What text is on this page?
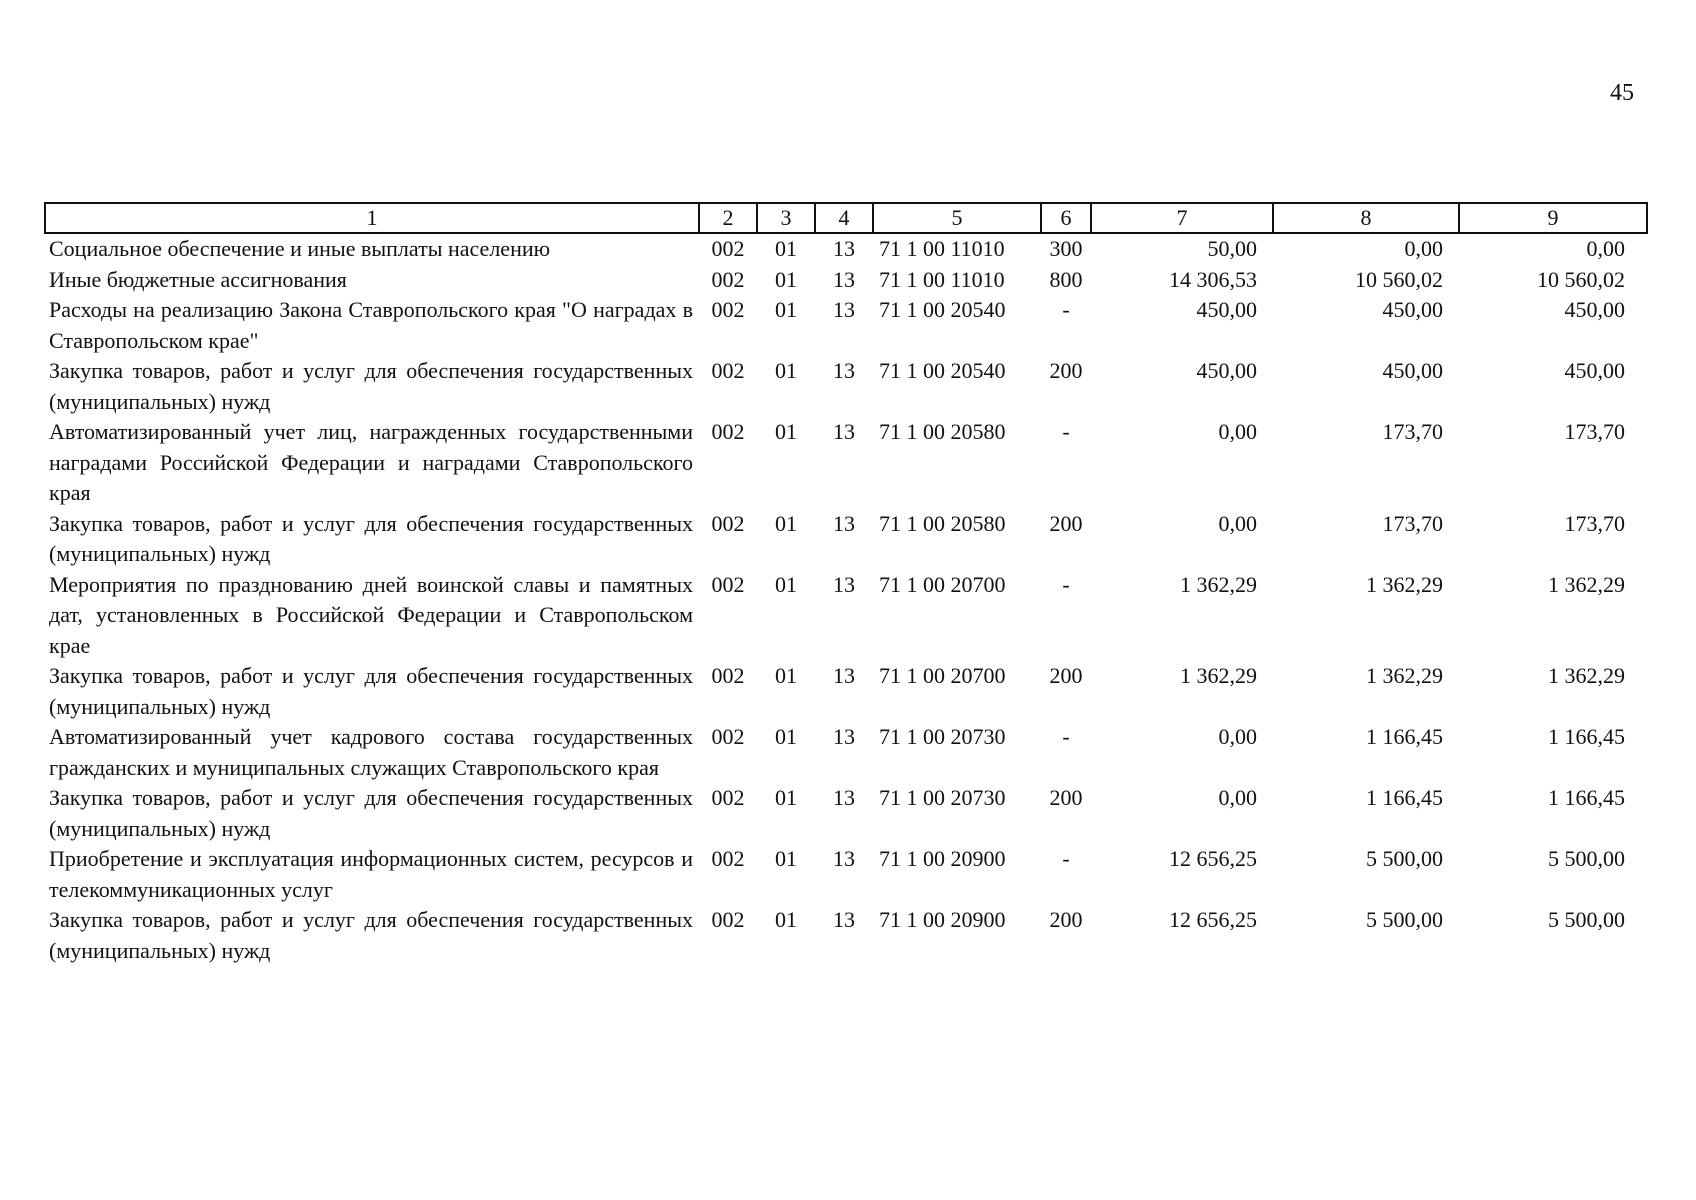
45
1	2	3	4	5	6	7	8	9
Социальное обеспечение и иные выплаты населению	002	01	13	71 1 00 11010	300	50,00	0,00	0,00
Иные бюджетные ассигнования	002	01	13	71 1 00 11010	800	14 306,53	10 560,02	10 560,02
Расходы на реализацию Закона Ставропольского края "О наградах в Ставропольском крае"	002	01	13	71 1 00 20540	-	450,00	450,00	450,00
Закупка товаров, работ и услуг для обеспечения государственных (муниципальных) нужд	002	01	13	71 1 00 20540	200	450,00	450,00	450,00
Автоматизированный учет лиц, награжденных государственными наградами Российской Федерации и наградами Ставропольского края	002	01	13	71 1 00 20580	-	0,00	173,70	173,70
Закупка товаров, работ и услуг для обеспечения государственных (муниципальных) нужд	002	01	13	71 1 00 20580	200	0,00	173,70	173,70
Мероприятия по празднованию дней воинской славы и памятных дат, установленных в Российской Федерации и Ставропольском крае	002	01	13	71 1 00 20700	-	1 362,29	1 362,29	1 362,29
Закупка товаров, работ и услуг для обеспечения государственных (муниципальных) нужд	002	01	13	71 1 00 20700	200	1 362,29	1 362,29	1 362,29
Автоматизированный учет кадрового состава государственных гражданских и муниципальных служащих Ставропольского края	002	01	13	71 1 00 20730	-	0,00	1 166,45	1 166,45
Закупка товаров, работ и услуг для обеспечения государственных (муниципальных) нужд	002	01	13	71 1 00 20730	200	0,00	1 166,45	1 166,45
Приобретение и эксплуатация информационных систем, ресурсов и телекоммуникационных услуг	002	01	13	71 1 00 20900	-	12 656,25	5 500,00	5 500,00
Закупка товаров, работ и услуг для обеспечения государственных (муниципальных) нужд	002	01	13	71 1 00 20900	200	12 656,25	5 500,00	5 500,00
